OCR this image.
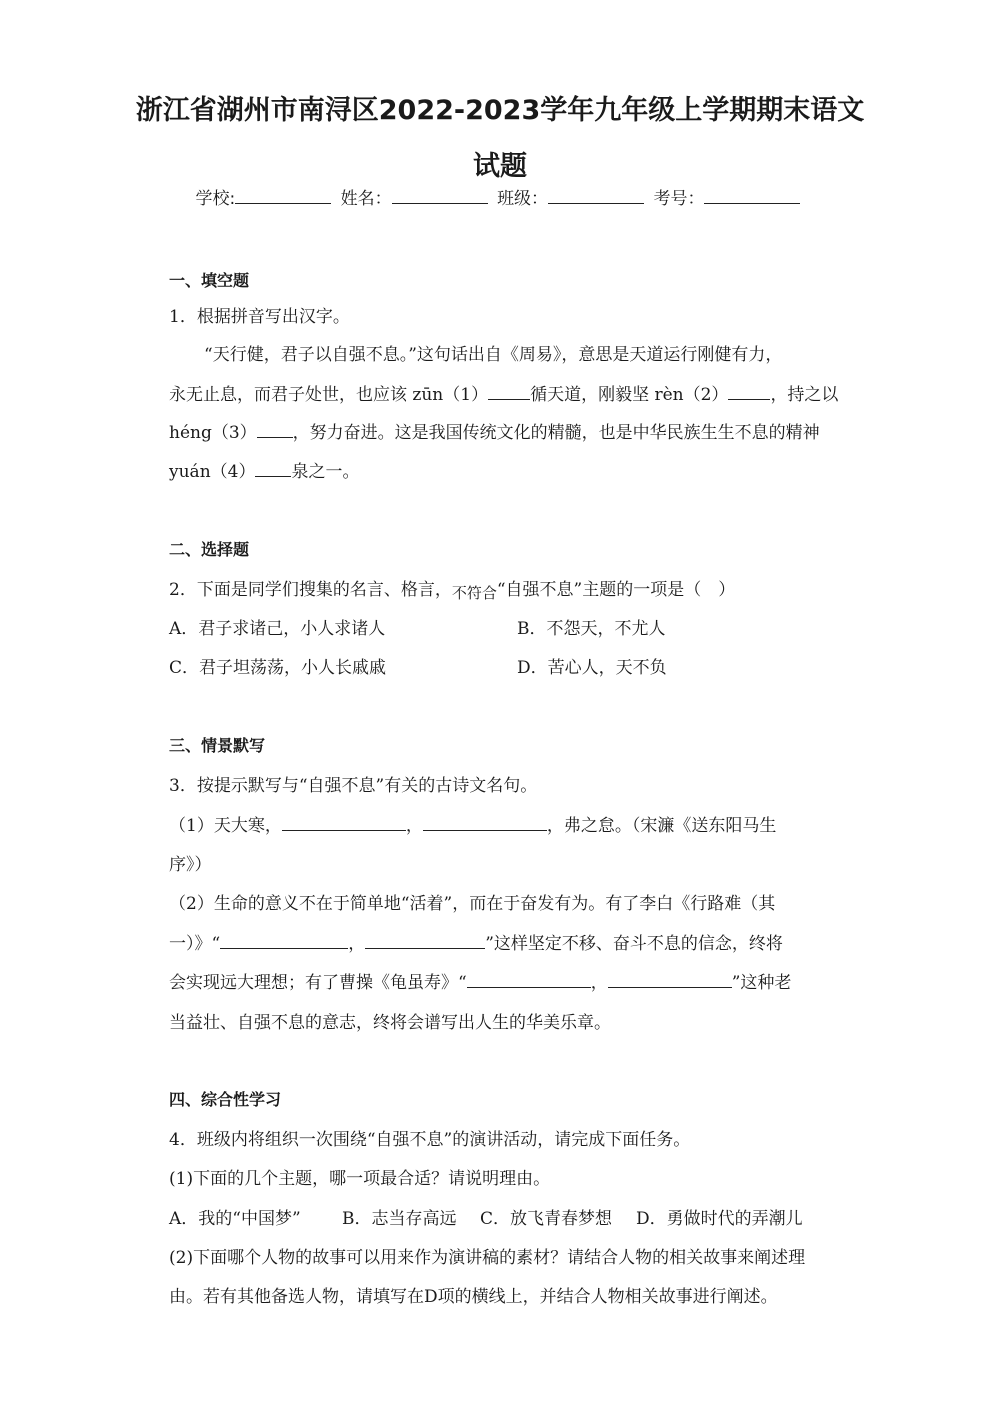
浙江省湖州市南浔区2022-2023学年九年级上学期期末语文
试题
学校:	姓名：	班级：	考号：
一、填空题
1．根据拼音写出汉字。
“天行健，君子以自强不息。”这句话出自《周易》，意思是天道运行刚健有力，
永无止息，而君子处世，也应该 zūn（1） 循天道，刚毅坚 rèn（2） ，持之以
héng（3） ，努力奋进。这是我国传统文化的精髓，也是中华民族生生不息的精神
yuán（4） 泉之一。
二、选择题
2．下面是同学们搜集的名言、格言，不符合“自强不息”主题的一项是（　）
A．君子求诸己，小人求诸人	B．不怨天，不尤人
C．君子坦荡荡，小人长戚戚	D．苦心人，天不负
三、情景默写
3．按提示默写与“自强不息”有关的古诗文名句。
（1）天大寒，	，	，弗之怠。（宋濂《送东阳马生
序》）
（2）生命的意义不在于简单地“活着”，而在于奋发有为。有了李白《行路难（其
一）》“	，	”这样坚定不移、奋斗不息的信念，终将
会实现远大理想；有了曹操《龟虽寿》“	，	”这种老
当益壮、自强不息的意志，终将会谱写出人生的华美乐章。
四、综合性学习
4．班级内将组织一次围绕“自强不息”的演讲活动，请完成下面任务。
(1)下面的几个主题，哪一项最合适？请说明理由。
A．我的“中国梦” B．志当存高远 C．放飞青春梦想 D．勇做时代的弄潮儿
(2)下面哪个人物的故事可以用来作为演讲稿的素材？请结合人物的相关故事来阐述理
由。若有其他备选人物，请填写在D项的横线上，并结合人物相关故事进行阐述。
